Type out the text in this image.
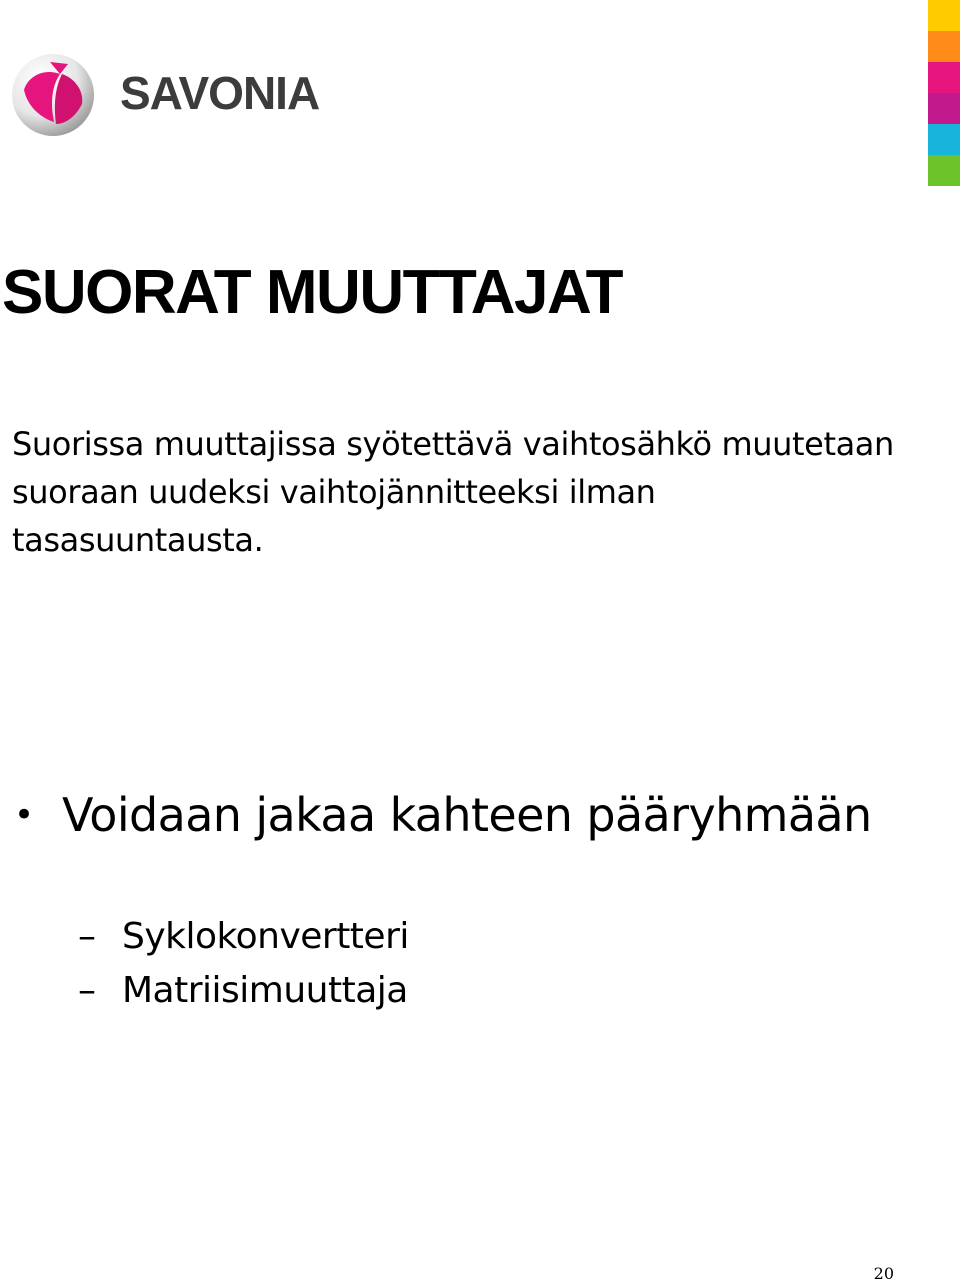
SAVONIA
SUORAT MUUTTAJAT

Suorissa muuttajissa syötettävä vaihtosähkö muutetaan suoraan uudeksi vaihtojännitteeksi ilman tasasuuntausta.

• Voidaan jakaa kahteen pääryhmään
– Syklokonvertteri
– Matriisimuuttaja
20
